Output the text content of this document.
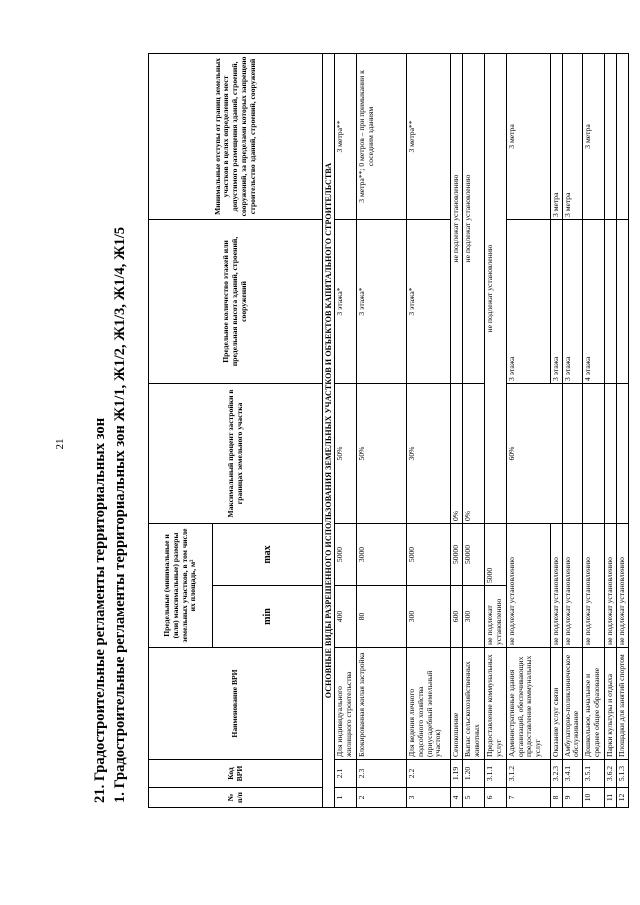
21 21. Градостроительные регламенты территориальных зон 1. Градостроительные регламенты территориальных зон Ж1/1, Ж1/2, Ж1/3, Ж1/4, Ж1/5	№ п/п	Код ВРИ	Наименование ВРИ	Предельные (минимальные и (или) максимальные) размеры земельных участков, в том числе их площадь, м²		Максимальный процент застройки в границах земельного участка	Предельное количество этажей или предельная высота зданий, строений, сооружений	Минимальные отступы от границ земельных участков в целях определения мест допустимого размещения зданий, строений, сооружений, за пределами которых запрещено строительство зданий, строений, сооружений
			min	max			
ОСНОВНЫЕ ВИДЫ РАЗРЕШЕННОГО ИСПОЛЬЗОВАНИЯ ЗЕМЕЛЬНЫХ УЧАСТКОВ И ОБЪЕКТОВ КАПИТАЛЬНОГО СТРОИТЕЛЬСТВА							
1	2.1	Для индивидуального жилищного строительства	400	5000	50%	3 этажа*	3 метра**
2	2.3	Блокированная жилая застройка	80	3000	50%	3 этажа*	3 метра**; 0 метров – при примыкании к соседним зданиям
3	2.2	Для ведения личного подсобного хозяйства (приусадебный земельный участок)	300	5000	30%	3 этажа*	3 метра**
4	1.19	Сенокошение	600	50000	0%	не подлежат установлению	
5	1.20	Выпас сельскохозяйственных животных	300	50000	0%	не подлежат установлению	
6	3.1.1	Предоставление коммунальных услуг	не подлежат установлению	5000	не подлежат установлению		
7	3.1.2	Административные здания организаций, обеспечивающих предоставление коммунальных услуг	не подлежат установлению		60%	3 этажа	3 метра
8	3.2.3	Оказание услуг связи	не подлежат установлению			3 этажа	3 метра
9	3.4.1	Амбулаторно-поликлиническое обслуживание	не подлежат установлению			3 этажа	3 метра
10	3.5.1	Дошкольное, начальное и среднее общее образование	не подлежат установлению			4 этажа	3 метра
11	3.6.2	Парки культуры и отдыха	не подлежат установлению				
12	5.1.3	Площадки для занятий спортом	не подлежат установлению				
